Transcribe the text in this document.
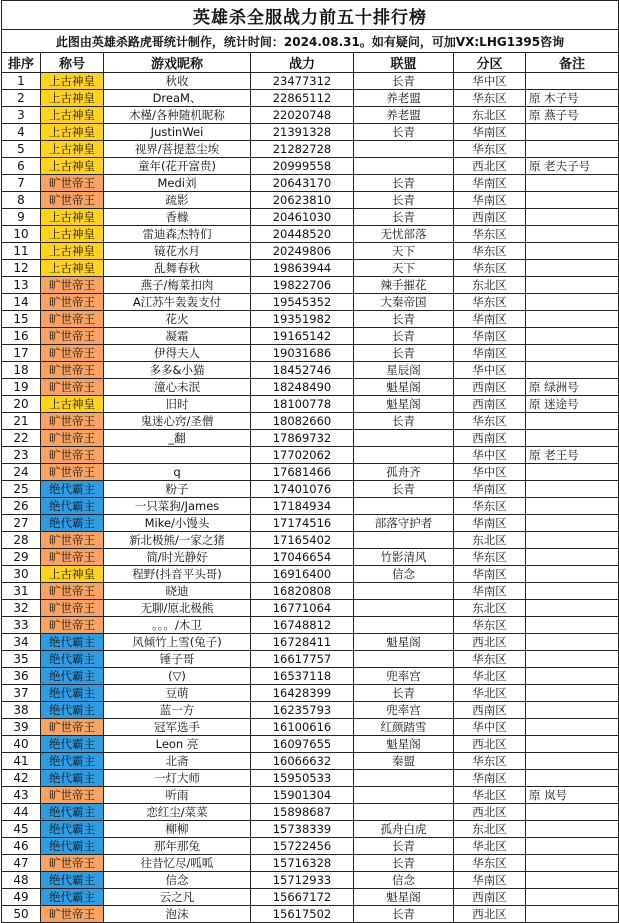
英雄杀全服战力前五十排行榜						
此图由英雄杀路虎哥统计制作，统计时间：2024.08.31。如有疑问，可加VX:LHG1395咨询						
排序	称号	游戏昵称	战力	联盟	分区	备注
1	上古神皇	秋收	23477312	长青	华中区	
2	上古神皇	DreaM、	22865112	养老盟	华东区	原 木子号
3	上古神皇	木槿/各种随机昵称	22020748	养老盟	东北区	原 燕子号
4	上古神皇	JustinWei	21391328	长青	华南区	
5	上古神皇	视界/菩提惹尘埃	21282728		华东区	
6	上古神皇	童年(花开富贵)	20999558		西北区	原 老夫子号
7	旷世帝王	Medi刘	20643170	长青	华南区	
8	旷世帝王	疏影	20623810	长青	华南区	
9	上古神皇	香橼	20461030	长青	西南区	
10	上古神皇	雷迪森杰特们	20448520	无忧部落	华东区	
11	上古神皇	镜花水月	20249806	天下	华东区	
12	上古神皇	乱舞春秋	19863944	天下	华东区	
13	旷世帝王	燕子/梅菜扣肉	19822706	辣手摧花	东北区	
14	旷世帝王	A江苏牛轰轰支付	19545352	大秦帝国	华东区	
15	旷世帝王	花火	19351982	长青	华南区	
16	旷世帝王	凝霜	19165142	长青	华南区	
17	旷世帝王	伊得夫人	19031686	长青	华南区	
18	旷世帝王	多多&小猫	18452746	星辰阁	华中区	
19	旷世帝王	潼心未泯	18248490	魁星阁	西南区	原 绿洲号
20	上古神皇	旧时	18100778	魁星阁	西南区	原 迷途号
21	旷世帝王	鬼迷心窍/圣僧	18082660	长青	华东区	
22	旷世帝王	_翻	17869732		西南区	
23	旷世帝王		17702062		华中区	原 老王号
24	旷世帝王	q	17681466	孤舟齐	华中区	
25	绝代霸主	粉子	17401076	长青	华南区	
26	绝代霸主	一只菜狗/James	17184934		华东区	
27	绝代霸主	Mike/小馒头	17174516	部落守护者	华南区	
28	旷世帝王	新北极熊/一家之猪	17165402		东北区	
29	旷世帝王	简/时光静好	17046654	竹影清风	华东区	
30	上古神皇	程野(抖音平头哥)	16916400	信念	华南区	
31	旷世帝王	晓迪	16820808		华南区	
32	旷世帝王	无聊/原北极熊	16771064		东北区	
33	旷世帝王	。。。/木卫	16748812		华东区	
34	绝代霸主	风倾竹上雪(兔子)	16728411	魁星阁	西北区	
35	绝代霸主	锤子哥	16617757		华东区	
36	绝代霸主	(▽)	16537118	兜率宫	华北区	
37	绝代霸主	豆萌	16428399	长青	华北区	
38	绝代霸主	蓝一方	16235793	兜率宫	西南区	
39	旷世帝王	冠军选手	16100616	红颜踏雪	华中区	
40	绝代霸主	Leon 亮	16097655	魁星阁	西北区	
41	绝代霸主	北斋	16066632	秦盟	华东区	
42	绝代霸主	一灯大师	15950533		华南区	
43	旷世帝王	听雨	15901304		华北区	原 岚号
44	绝代霸主	恋红尘/菜菜	15898687		西北区	
45	绝代霸主	柳柳	15738339	孤舟白虎	东北区	
46	绝代霸主	那年那兔	15722456	长青	华北区	
47	旷世帝王	往昔忆尽/呱呱	15716328	长青	华东区	
48	绝代霸主	信念	15712933	信念	华南区	
49	绝代霸主	云之凡	15667172	魁星阁	西南区	
50	旷世帝王	泡沫	15617502	长青	西北区	
